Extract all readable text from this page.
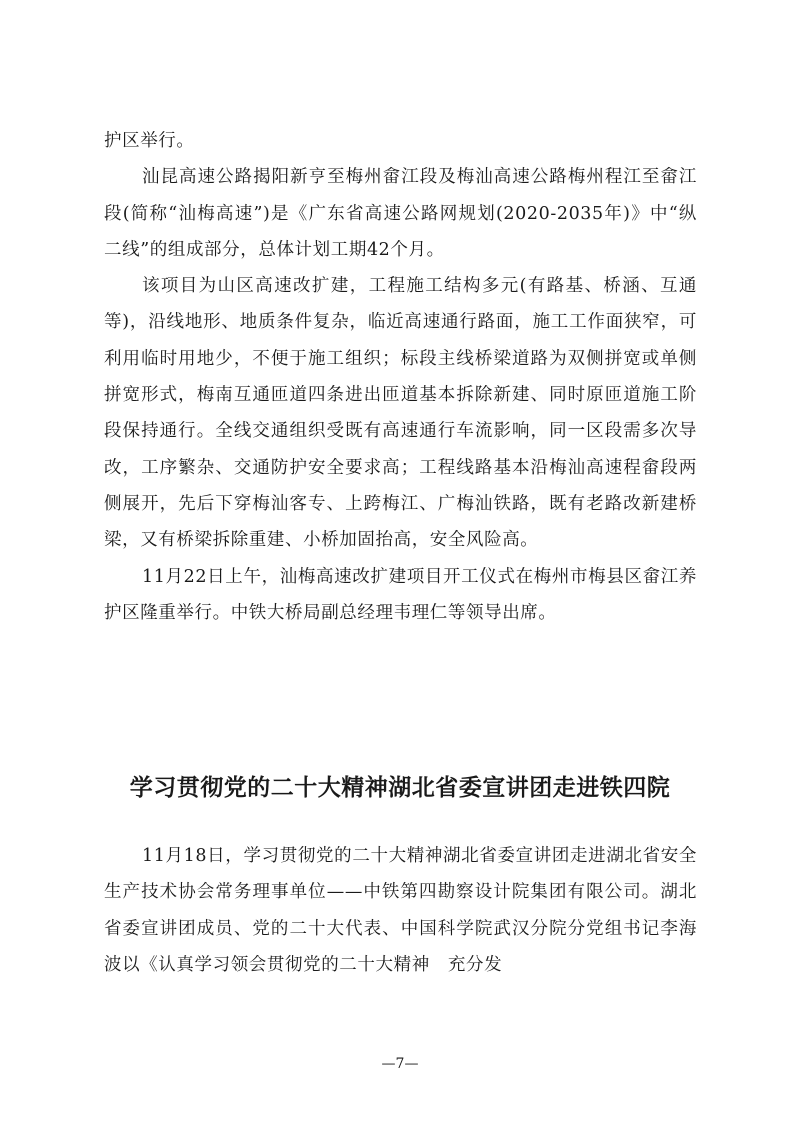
护区举行。

汕昆高速公路揭阳新亨至梅州畲江段及梅汕高速公路梅州程江至畲江段(简称“汕梅高速”)是《广东省高速公路网规划(2020-2035年)》中“纵二线”的组成部分，总体计划工期42个月。

该项目为山区高速改扩建，工程施工结构多元(有路基、桥涵、互通等)，沿线地形、地质条件复杂，临近高速通行路面，施工工作面狭窄，可利用临时用地少，不便于施工组织；标段主线桥梁道路为双侧拼宽或单侧拼宽形式，梅南互通匝道四条进出匝道基本拆除新建、同时原匝道施工阶段保持通行。全线交通组织受既有高速通行车流影响，同一区段需多次导改，工序繁杂、交通防护安全要求高；工程线路基本沿梅汕高速程畲段两侧展开，先后下穿梅汕客专、上跨梅江、广梅汕铁路，既有老路改新建桥梁，又有桥梁拆除重建、小桥加固抬高，安全风险高。

11月22日上午，汕梅高速改扩建项目开工仪式在梅州市梅县区畲江养护区隆重举行。中铁大桥局副总经理韦理仁等领导出席。

学习贯彻党的二十大精神湖北省委宣讲团走进铁四院

11月18日，学习贯彻党的二十大精神湖北省委宣讲团走进湖北省安全生产技术协会常务理事单位——中铁第四勘察设计院集团有限公司。湖北省委宣讲团成员、党的二十大代表、中国科学院武汉分院分党组书记李海波以《认真学习领会贯彻党的二十大精神　充分发

—7—
